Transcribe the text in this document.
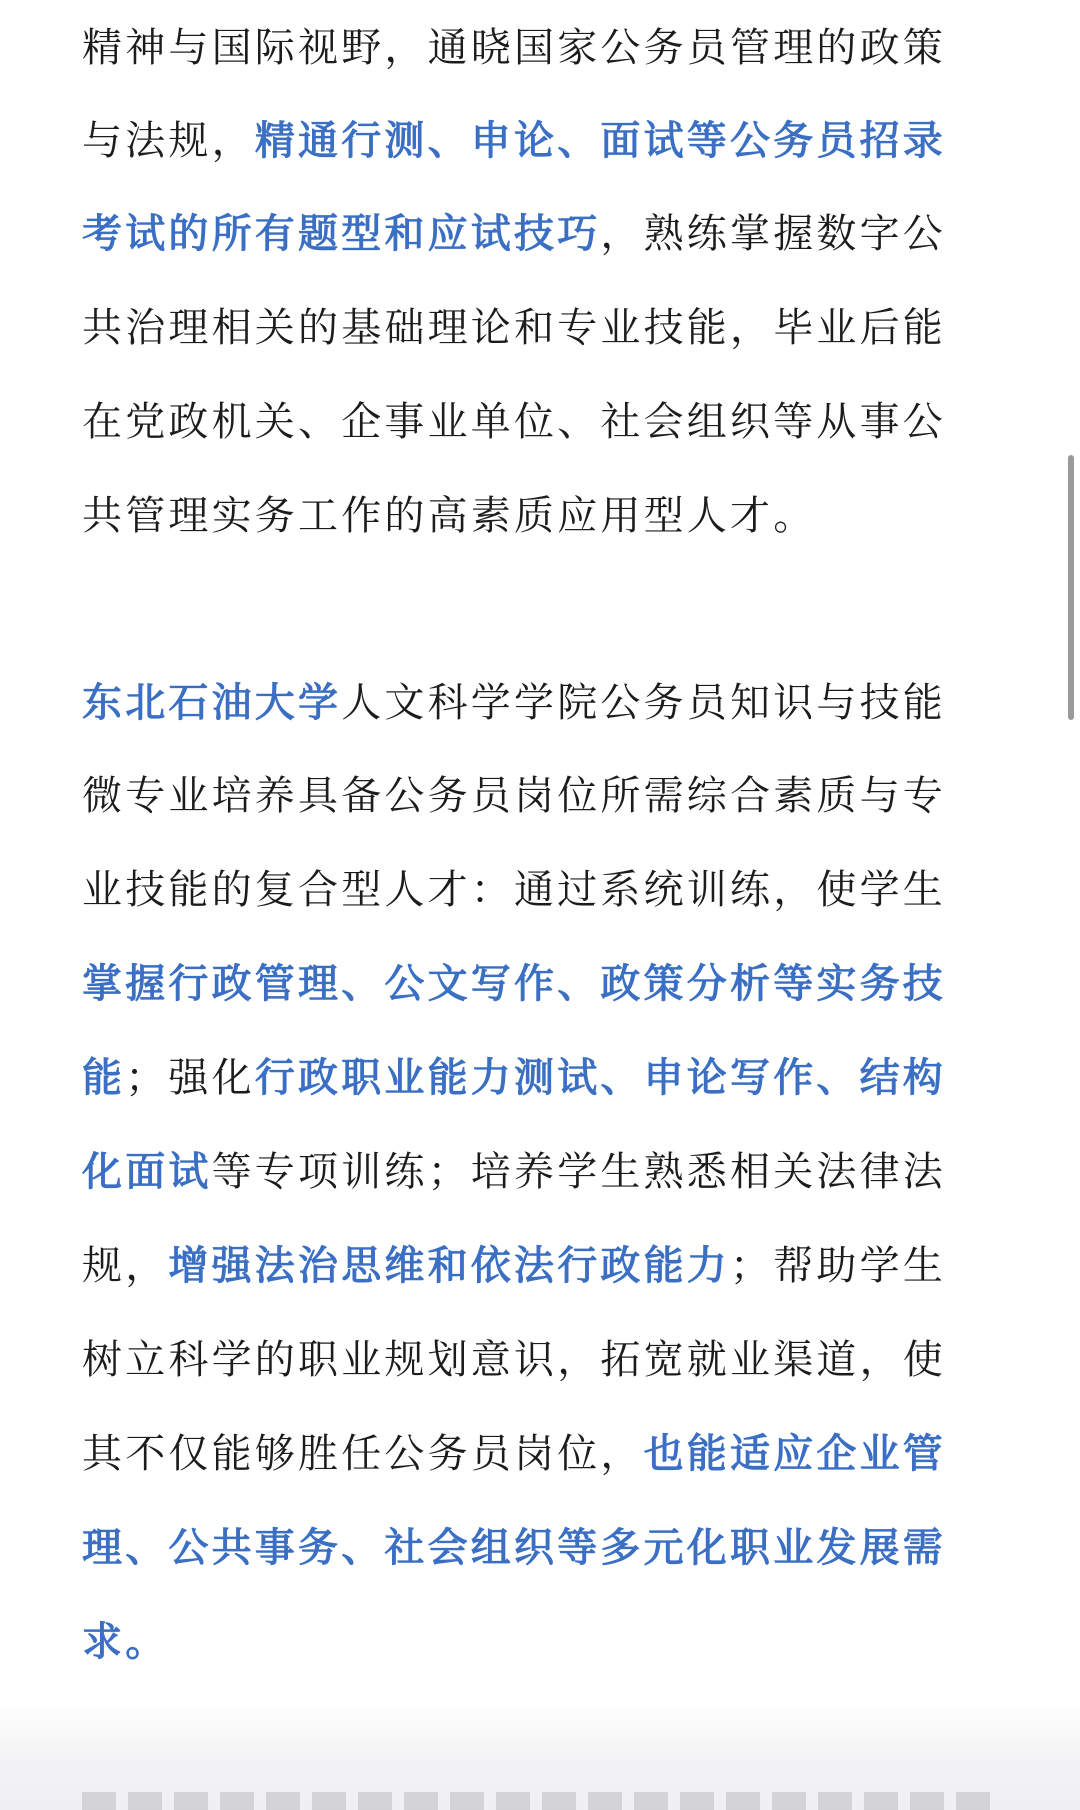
精神与国际视野，通晓国家公务员管理的政策
与法规，精通行测、申论、面试等公务员招录
考试的所有题型和应试技巧，熟练掌握数字公
共治理相关的基础理论和专业技能，毕业后能
在党政机关、企事业单位、社会组织等从事公
共管理实务工作的高素质应用型人才。
东北石油大学人文科学学院公务员知识与技能
微专业培养具备公务员岗位所需综合素质与专
业技能的复合型人才：通过系统训练，使学生
掌握行政管理、公文写作、政策分析等实务技
能；强化行政职业能力测试、申论写作、结构
化面试等专项训练；培养学生熟悉相关法律法
规，增强法治思维和依法行政能力；帮助学生
树立科学的职业规划意识，拓宽就业渠道，使
其不仅能够胜任公务员岗位，也能适应企业管
理、公共事务、社会组织等多元化职业发展需
求。
